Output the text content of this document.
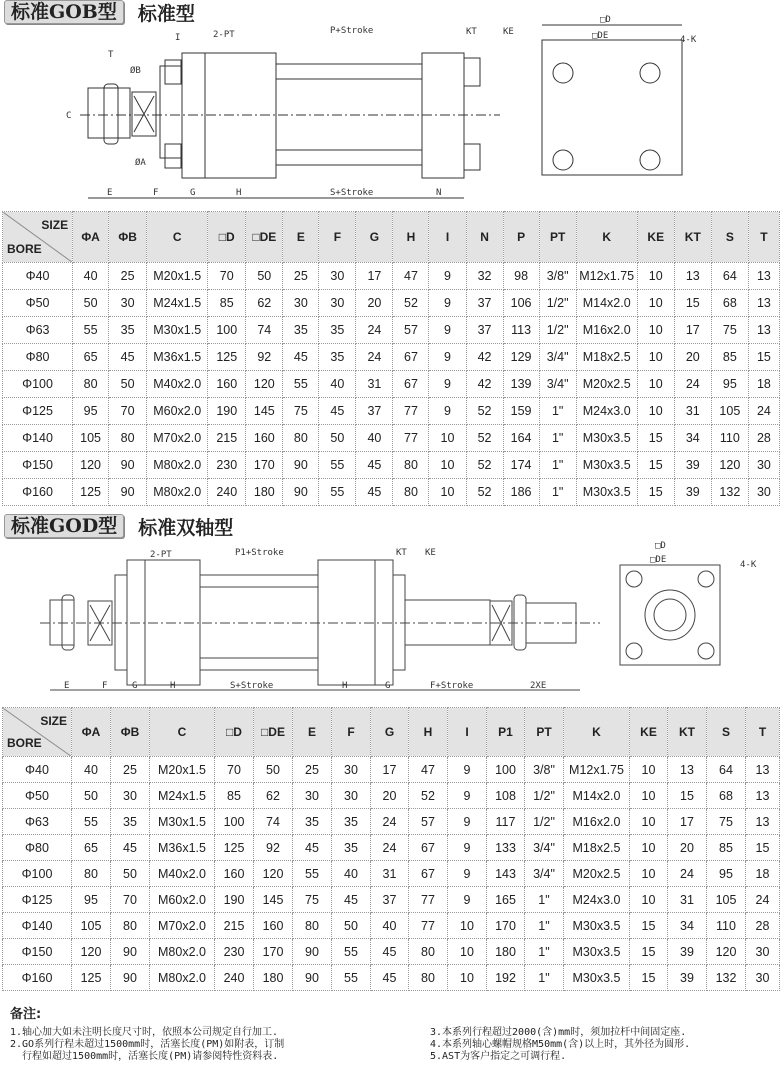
标准GOB型	标准型
2-PT	P+Stroke	KT	KE
I
T
ØB
ØA
C
E	F	G	H	S+Stroke	N
□D
□DE	4-K
SIZE
BORE	ΦA	ΦB	C	□D	□DE	E	F	G	H	I	N	P	PT	K	KE	KT	S	T
Φ40	40	25	M20x1.5	70	50	25	30	17	47	9	32	98	3/8"	M12x1.75	10	13	64	13
Φ50	50	30	M24x1.5	85	62	30	30	20	52	9	37	106	1/2"	M14x2.0	10	15	68	13
Φ63	55	35	M30x1.5	100	74	35	35	24	57	9	37	113	1/2"	M16x2.0	10	17	75	13
Φ80	65	45	M36x1.5	125	92	45	35	24	67	9	42	129	3/4"	M18x2.5	10	20	85	15
Φ100	80	50	M40x2.0	160	120	55	40	31	67	9	42	139	3/4"	M20x2.5	10	24	95	18
Φ125	95	70	M60x2.0	190	145	75	45	37	77	9	52	159	1"	M24x3.0	10	31	105	24
Φ140	105	80	M70x2.0	215	160	80	50	40	77	10	52	164	1"	M30x3.5	15	34	110	28
Φ150	120	90	M80x2.0	230	170	90	55	45	80	10	52	174	1"	M30x3.5	15	39	120	30
Φ160	125	90	M80x2.0	240	180	90	55	45	80	10	52	186	1"	M30x3.5	15	39	132	30
标准GOD型	标准双轴型
2-PT	P1+Stroke	KT KE
E	F	G	H	S+Stroke	H	G	F+Stroke	2XE
□D
□DE	4-K
SIZE
BORE	ΦA	ΦB	C	□D	□DE	E	F	G	H	I	P1	PT	K	KE	KT	S	T
Φ40	40	25	M20x1.5	70	50	25	30	17	47	9	100	3/8"	M12x1.75	10	13	64	13
Φ50	50	30	M24x1.5	85	62	30	30	20	52	9	108	1/2"	M14x2.0	10	15	68	13
Φ63	55	35	M30x1.5	100	74	35	35	24	57	9	117	1/2"	M16x2.0	10	17	75	13
Φ80	65	45	M36x1.5	125	92	45	35	24	67	9	133	3/4"	M18x2.5	10	20	85	15
Φ100	80	50	M40x2.0	160	120	55	40	31	67	9	143	3/4"	M20x2.5	10	24	95	18
Φ125	95	70	M60x2.0	190	145	75	45	37	77	9	165	1"	M24x3.0	10	31	105	24
Φ140	105	80	M70x2.0	215	160	80	50	40	77	10	170	1"	M30x3.5	15	34	110	28
Φ150	120	90	M80x2.0	230	170	90	55	45	80	10	180	1"	M30x3.5	15	39	120	30
Φ160	125	90	M80x2.0	240	180	90	55	45	80	10	192	1"	M30x3.5	15	39	132	30
备注:
1.轴心加大如未注明长度尺寸时，依照本公司规定自行加工.
2.GO系列行程未超过1500mm时，活塞长度(PM)如附表，订制
行程如超过1500mm时，活塞长度(PM)请参阅特性资料表.
3.本系列行程超过2000(含)mm时，须加拉杆中间固定座.
4.本系列轴心螺帽规格M50mm(含)以上时，其外径为圆形.
5.AST为客户指定之可调行程.
